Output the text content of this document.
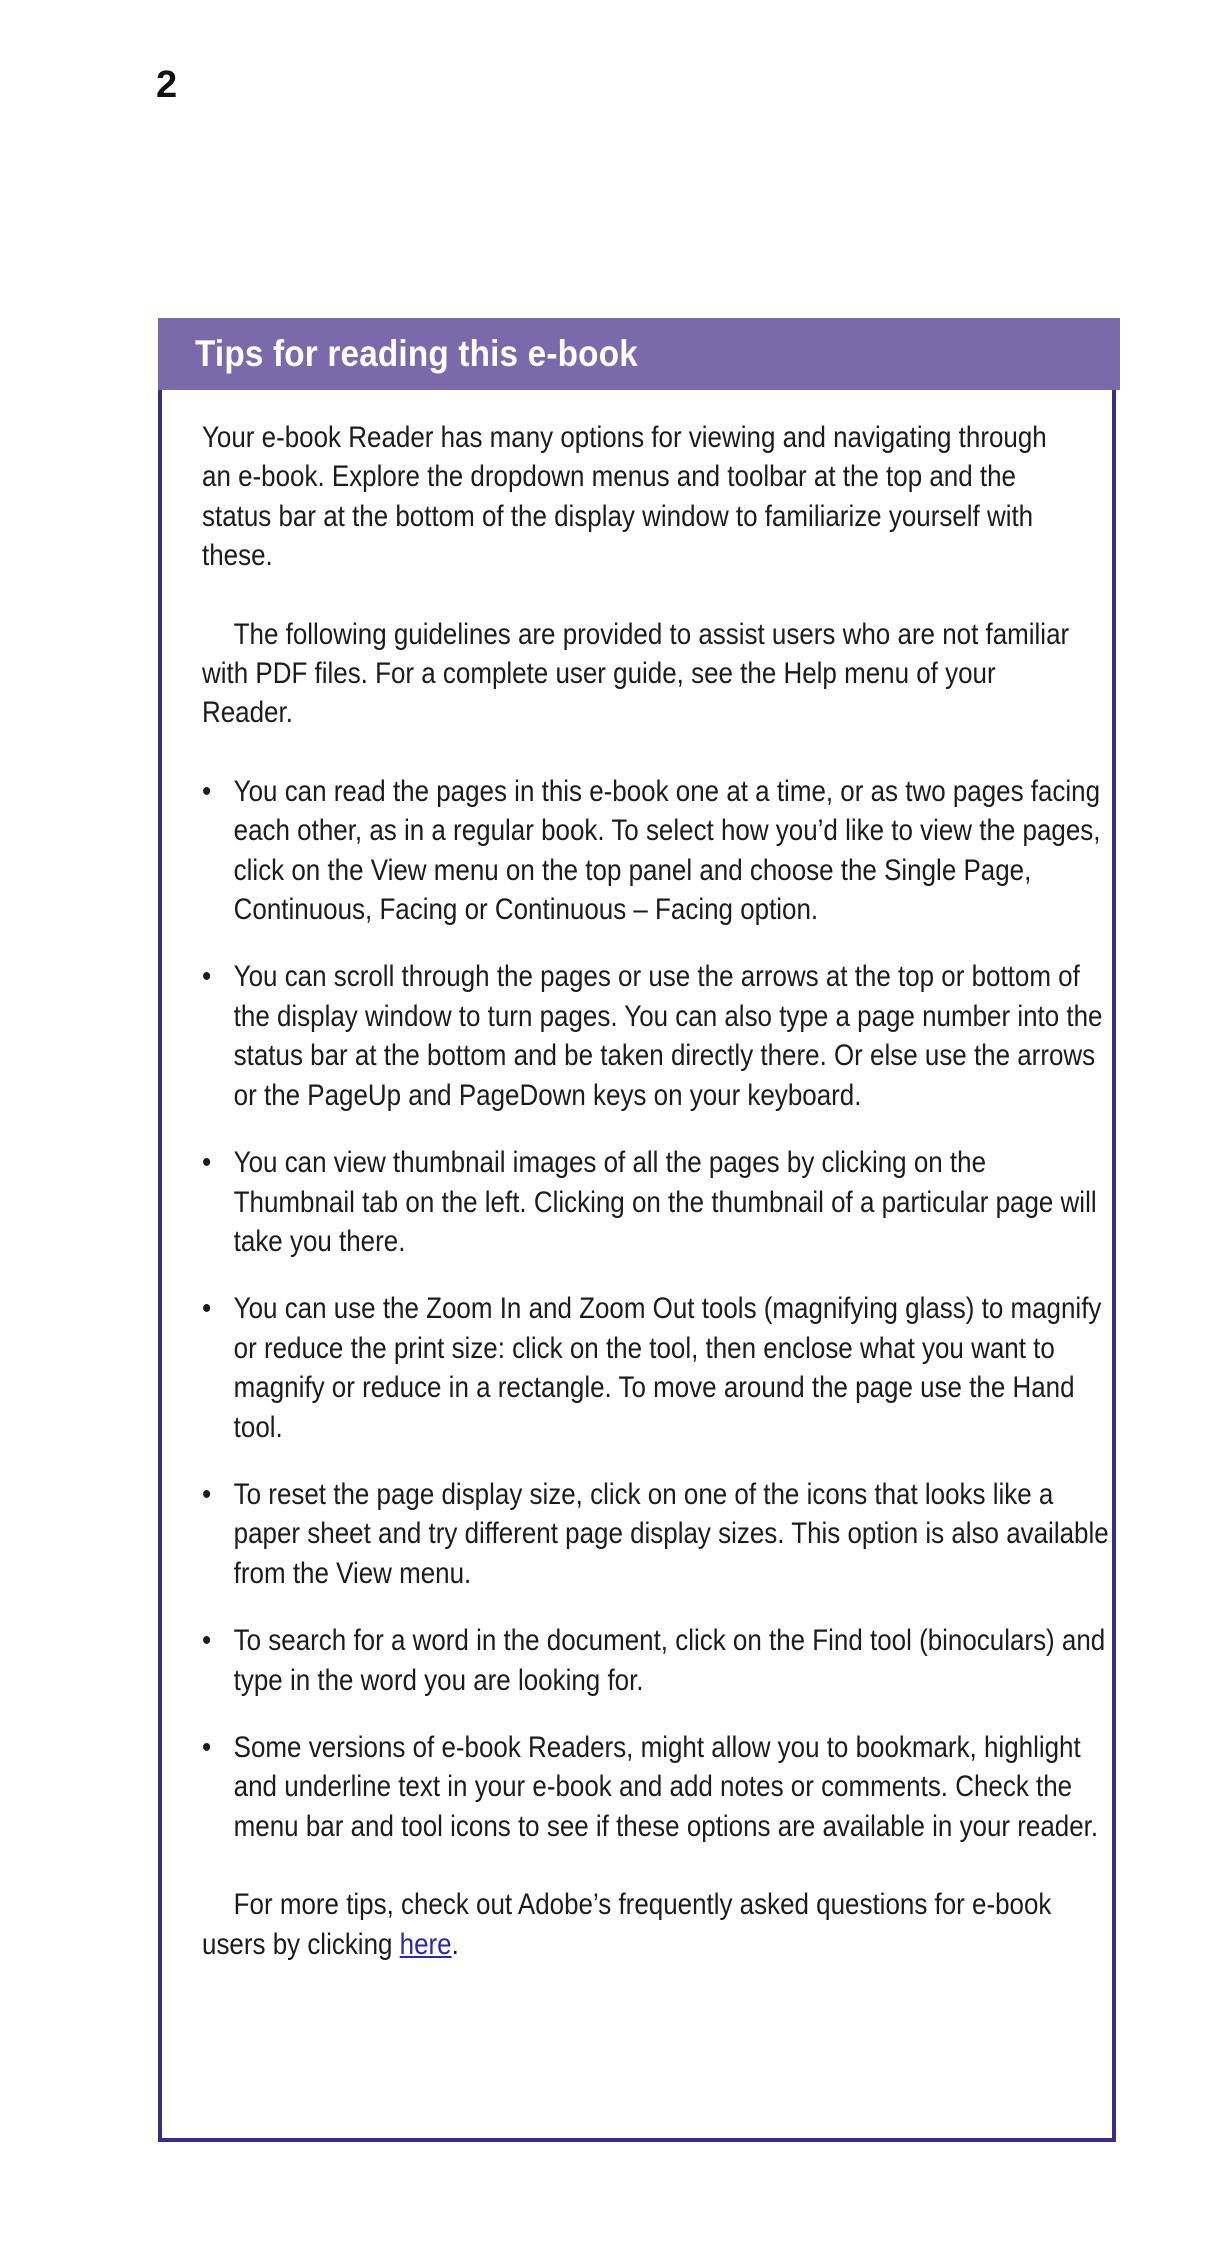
2
Tips for reading this e-book

Your e-book Reader has many options for viewing and navigating through an e-book. Explore the dropdown menus and toolbar at the top and the status bar at the bottom of the display window to familiarize yourself with these.

The following guidelines are provided to assist users who are not familiar with PDF files. For a complete user guide, see the Help menu of your Reader.

• You can read the pages in this e-book one at a time, or as two pages facing each other, as in a regular book. To select how you’d like to view the pages, click on the View menu on the top panel and choose the Single Page, Continuous, Facing or Continuous – Facing option.
• You can scroll through the pages or use the arrows at the top or bottom of the display window to turn pages. You can also type a page number into the status bar at the bottom and be taken directly there. Or else use the arrows or the PageUp and PageDown keys on your keyboard.
• You can view thumbnail images of all the pages by clicking on the Thumbnail tab on the left. Clicking on the thumbnail of a particular page will take you there.
• You can use the Zoom In and Zoom Out tools (magnifying glass) to magnify or reduce the print size: click on the tool, then enclose what you want to magnify or reduce in a rectangle. To move around the page use the Hand tool.
• To reset the page display size, click on one of the icons that looks like a paper sheet and try different page display sizes. This option is also available from the View menu.
• To search for a word in the document, click on the Find tool (binoculars) and type in the word you are looking for.
• Some versions of e-book Readers, might allow you to bookmark, highlight and underline text in your e-book and add notes or comments. Check the menu bar and tool icons to see if these options are available in your reader.

For more tips, check out Adobe’s frequently asked questions for e-book users by clicking here.
